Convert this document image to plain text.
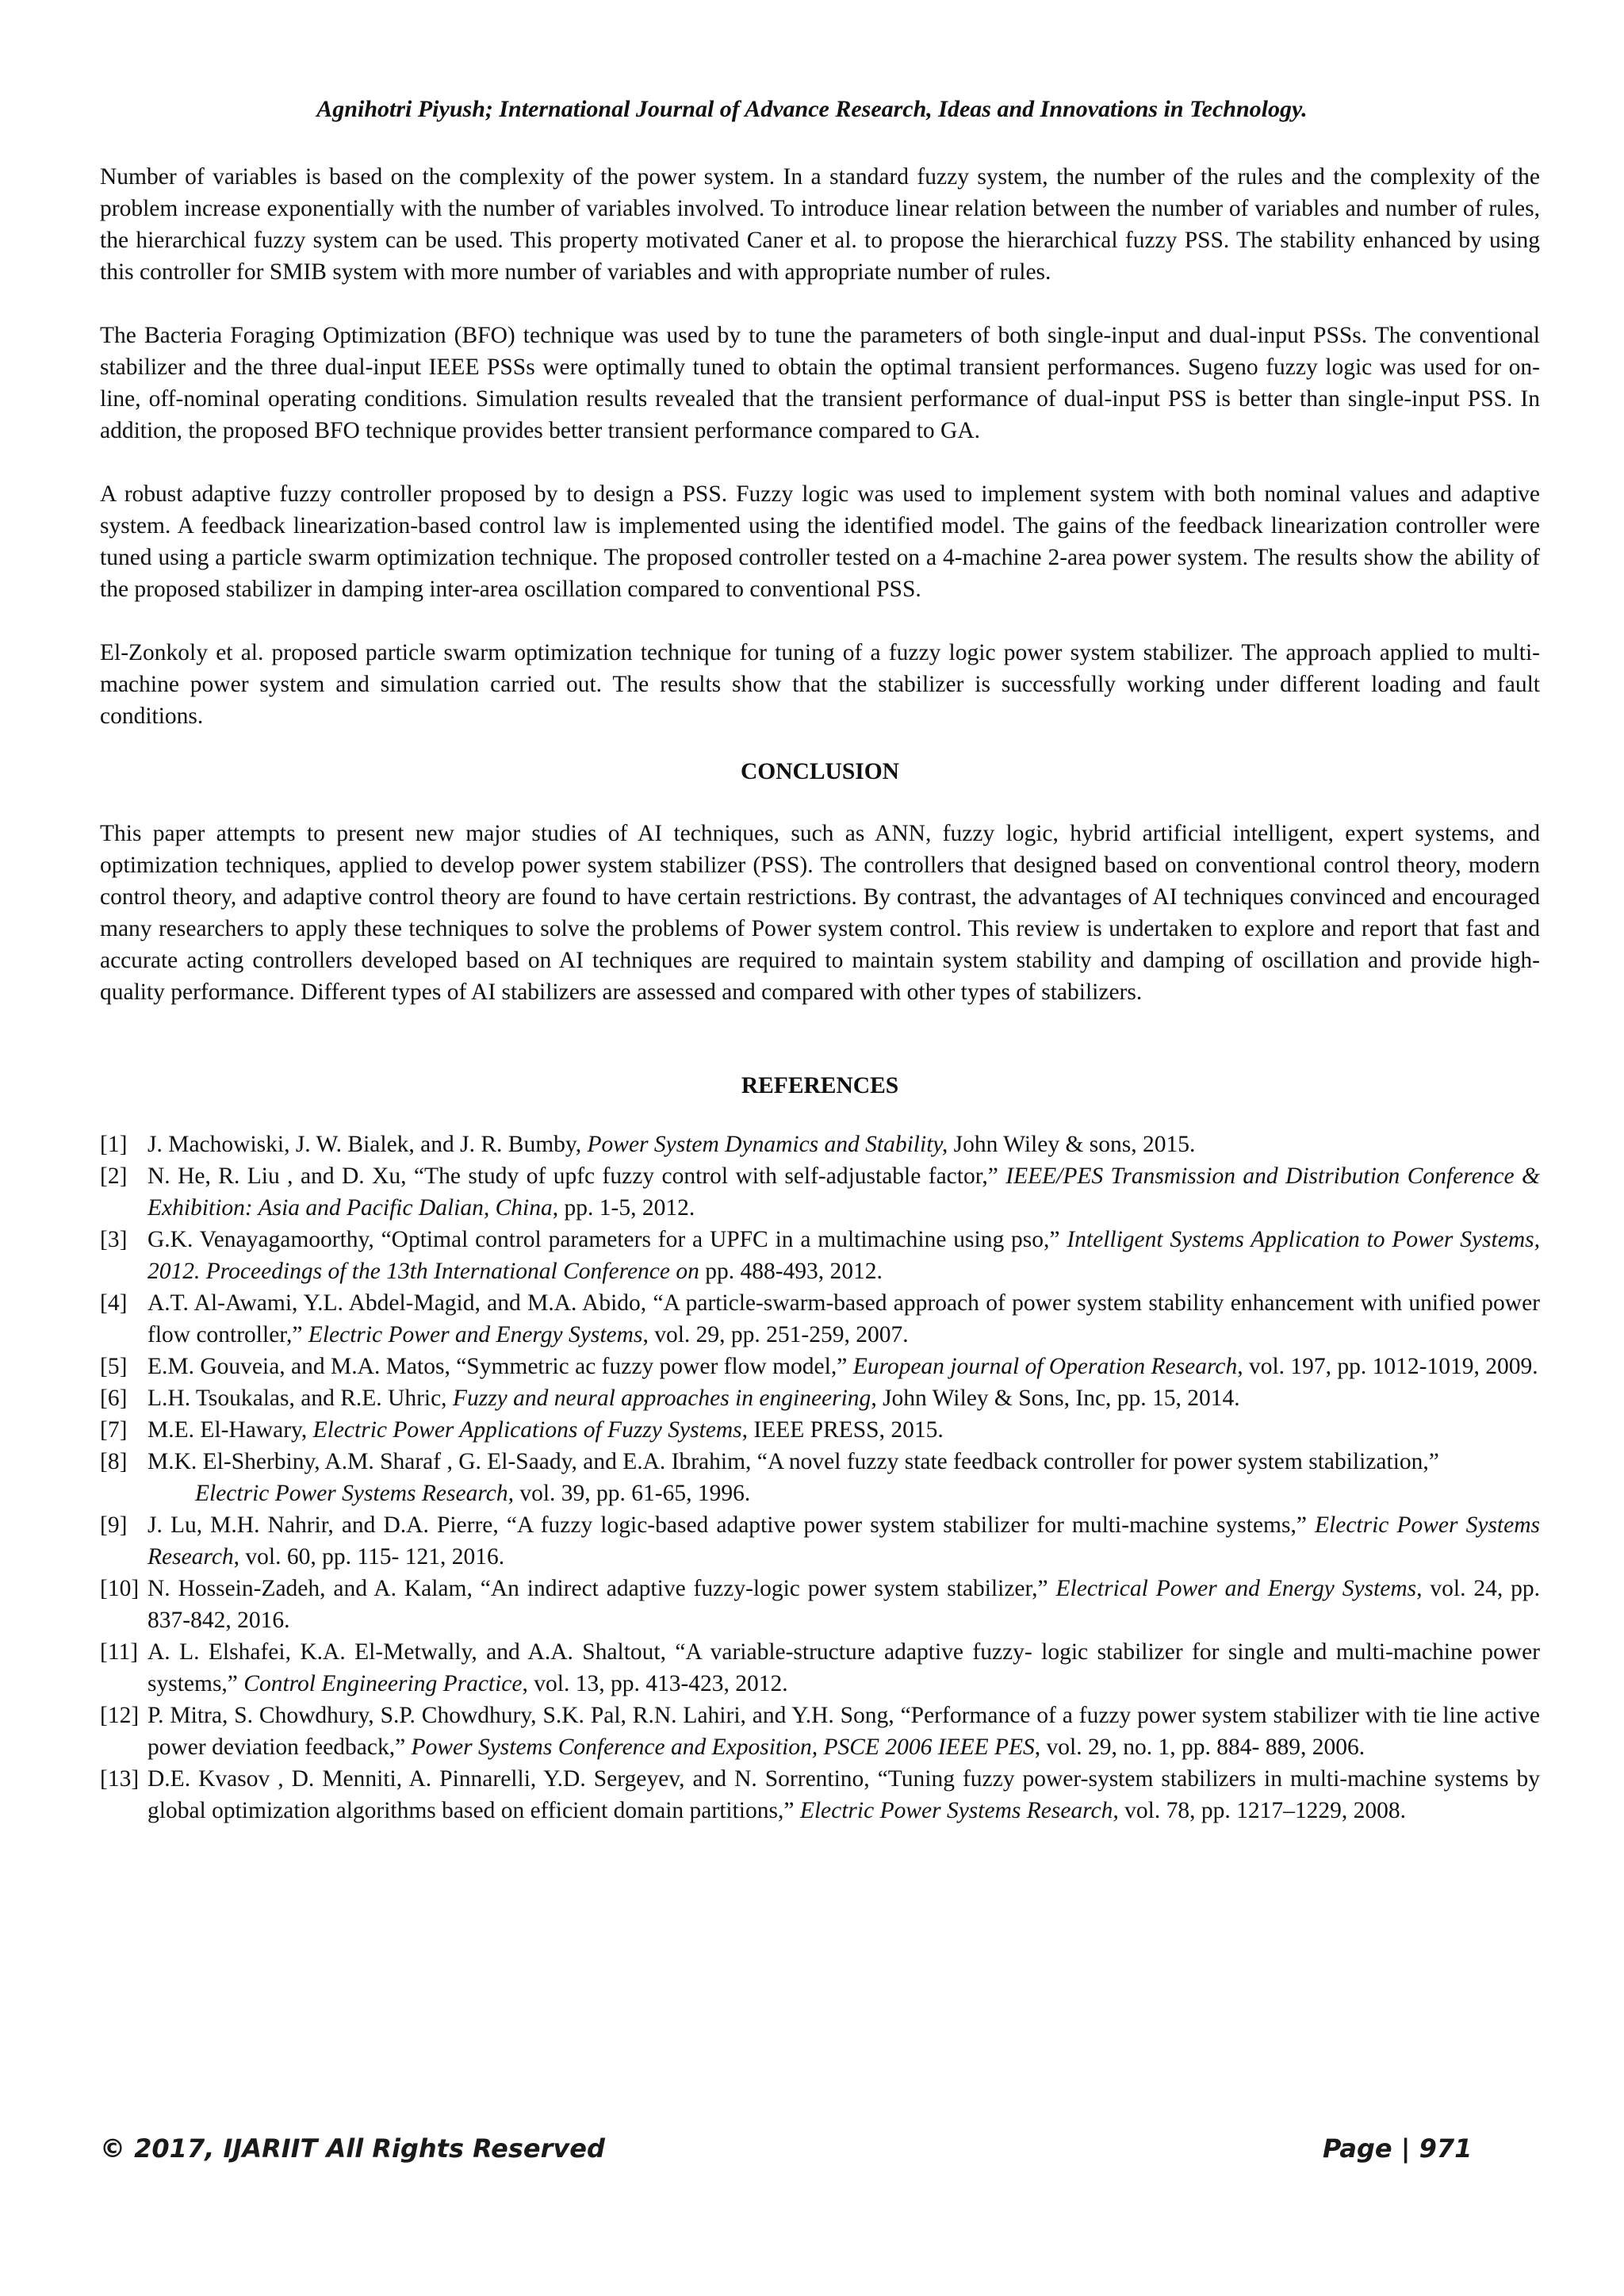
Agnihotri Piyush; International Journal of Advance Research, Ideas and Innovations in Technology.

Number of variables is based on the complexity of the power system. In a standard fuzzy system, the number of the rules and the complexity of the problem increase exponentially with the number of variables involved. To introduce linear relation between the number of variables and number of rules, the hierarchical fuzzy system can be used. This property motivated Caner et al. to propose the hierarchical fuzzy PSS. The stability enhanced by using this controller for SMIB system with more number of variables and with appropriate number of rules.

The Bacteria Foraging Optimization (BFO) technique was used by to tune the parameters of both single-input and dual-input PSSs. The conventional stabilizer and the three dual-input IEEE PSSs were optimally tuned to obtain the optimal transient performances. Sugeno fuzzy logic was used for on-line, off-nominal operating conditions. Simulation results revealed that the transient performance of dual-input PSS is better than single-input PSS. In addition, the proposed BFO technique provides better transient performance compared to GA.

A robust adaptive fuzzy controller proposed by to design a PSS. Fuzzy logic was used to implement system with both nominal values and adaptive system. A feedback linearization-based control law is implemented using the identified model. The gains of the feedback linearization controller were tuned using a particle swarm optimization technique. The proposed controller tested on a 4-machine 2-area power system. The results show the ability of the proposed stabilizer in damping inter-area oscillation compared to conventional PSS.

El-Zonkoly et al. proposed particle swarm optimization technique for tuning of a fuzzy logic power system stabilizer. The approach applied to multi-machine power system and simulation carried out. The results show that the stabilizer is successfully working under different loading and fault conditions.

CONCLUSION

This paper attempts to present new major studies of AI techniques, such as ANN, fuzzy logic, hybrid artificial intelligent, expert systems, and optimization techniques, applied to develop power system stabilizer (PSS). The controllers that designed based on conventional control theory, modern control theory, and adaptive control theory are found to have certain restrictions. By contrast, the advantages of AI techniques convinced and encouraged many researchers to apply these techniques to solve the problems of Power system control. This review is undertaken to explore and report that fast and accurate acting controllers developed based on AI techniques are required to maintain system stability and damping of oscillation and provide high-quality performance. Different types of AI stabilizers are assessed and compared with other types of stabilizers.

REFERENCES
[1] J. Machowiski, J. W. Bialek, and J. R. Bumby, Power System Dynamics and Stability, John Wiley & sons, 2015.
[2] N. He, R. Liu , and D. Xu, “The study of upfc fuzzy control with self-adjustable factor,” IEEE/PES Transmission and Distribution Conference & Exhibition: Asia and Pacific Dalian, China, pp. 1-5, 2012.
[3] G.K. Venayagamoorthy, “Optimal control parameters for a UPFC in a multimachine using pso,” Intelligent Systems Application to Power Systems, 2012. Proceedings of the 13th International Conference on pp. 488-493, 2012.
[4] A.T. Al-Awami, Y.L. Abdel-Magid, and M.A. Abido, “A particle-swarm-based approach of power system stability enhancement with unified power flow controller,” Electric Power and Energy Systems, vol. 29, pp. 251-259, 2007.
[5] E.M. Gouveia, and M.A. Matos, “Symmetric ac fuzzy power flow model,” European journal of Operation Research, vol. 197, pp. 1012-1019, 2009.
[6] L.H. Tsoukalas, and R.E. Uhric, Fuzzy and neural approaches in engineering, John Wiley & Sons, Inc, pp. 15, 2014.
[7] M.E. El-Hawary, Electric Power Applications of Fuzzy Systems, IEEE PRESS, 2015.
[8] M.K. El-Sherbiny, A.M. Sharaf , G. El-Saady, and E.A. Ibrahim, “A novel fuzzy state feedback controller for power system stabilization,”
Electric Power Systems Research, vol. 39, pp. 61-65, 1996.
[9] J. Lu, M.H. Nahrir, and D.A. Pierre, “A fuzzy logic-based adaptive power system stabilizer for multi-machine systems,” Electric Power Systems Research, vol. 60, pp. 115- 121, 2016.
[10] N. Hossein-Zadeh, and A. Kalam, “An indirect adaptive fuzzy-logic power system stabilizer,” Electrical Power and Energy Systems, vol. 24, pp. 837-842, 2016.
[11] A. L. Elshafei, K.A. El-Metwally, and A.A. Shaltout, “A variable-structure adaptive fuzzy- logic stabilizer for single and multi-machine power systems,” Control Engineering Practice, vol. 13, pp. 413-423, 2012.
[12] P. Mitra, S. Chowdhury, S.P. Chowdhury, S.K. Pal, R.N. Lahiri, and Y.H. Song, “Performance of a fuzzy power system stabilizer with tie line active power deviation feedback,” Power Systems Conference and Exposition, PSCE 2006 IEEE PES, vol. 29, no. 1, pp. 884- 889, 2006.
[13] D.E. Kvasov , D. Menniti, A. Pinnarelli, Y.D. Sergeyev, and N. Sorrentino, “Tuning fuzzy power-system stabilizers in multi-machine systems by global optimization algorithms based on efficient domain partitions,” Electric Power Systems Research, vol. 78, pp. 1217–1229, 2008.
© 2017, IJARIIT All Rights Reserved	Page | 971
